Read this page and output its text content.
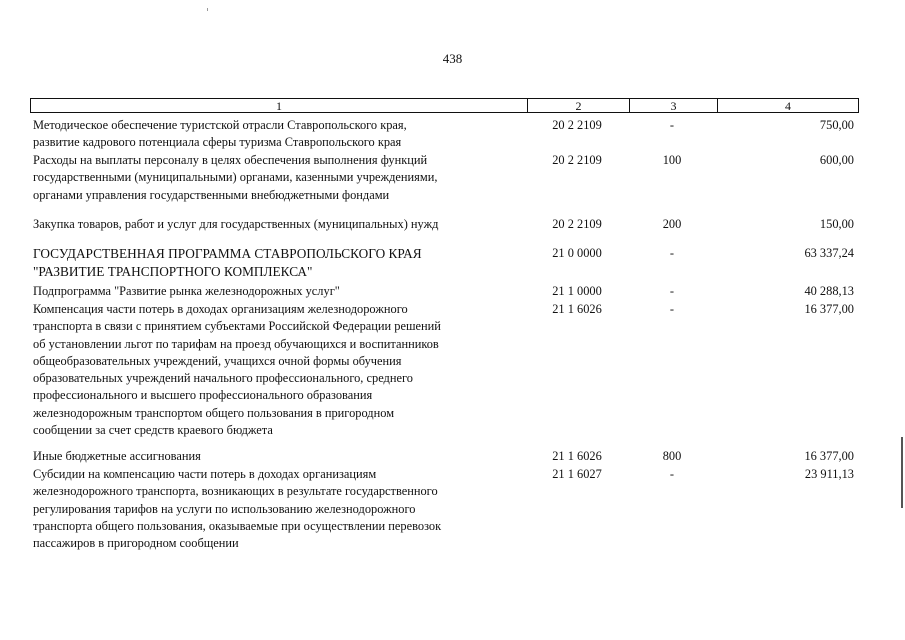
438
1	2	3	4
Методическое обеспечение туристской отрасли Ставропольского края,
развитие кадрового потенциала сферы туризма Ставропольского края
20 2 2109	-	750,00
Расходы на выплаты персоналу в целях обеспечения выполнения функций
государственными (муниципальными) органами, казенными учреждениями,
органами управления государственными внебюджетными фондами
20 2 2109	100	600,00
Закупка товаров, работ и услуг для государственных (муниципальных) нужд	20 2 2109	200	150,00
ГОСУДАРСТВЕННАЯ ПРОГРАММА СТАВРОПОЛЬСКОГО КРАЯ
"РАЗВИТИЕ ТРАНСПОРТНОГО КОМПЛЕКСА"
21 0 0000	-	63 337,24
Подпрограмма "Развитие рынка железнодорожных услуг"	21 1 0000	-	40 288,13
Компенсация части потерь в доходах организациям железнодорожного
транспорта в связи с принятием субъектами Российской Федерации решений
об установлении льгот по тарифам на проезд обучающихся и воспитанников
общеобразовательных учреждений, учащихся очной формы обучения
образовательных учреждений начального профессионального, среднего
профессионального и высшего профессионального образования
железнодорожным транспортом общего пользования в пригородном
сообщении за счет средств краевого бюджета
21 1 6026	-	16 377,00
Иные бюджетные ассигнования	21 1 6026	800	16 377,00
Субсидии на компенсацию части потерь в доходах организациям
железнодорожного транспорта, возникающих в результате государственного
регулирования тарифов на услуги по использованию железнодорожного
транспорта общего пользования, оказываемые при осуществлении перевозок
пассажиров в пригородном сообщении
21 1 6027	-	23 911,13
